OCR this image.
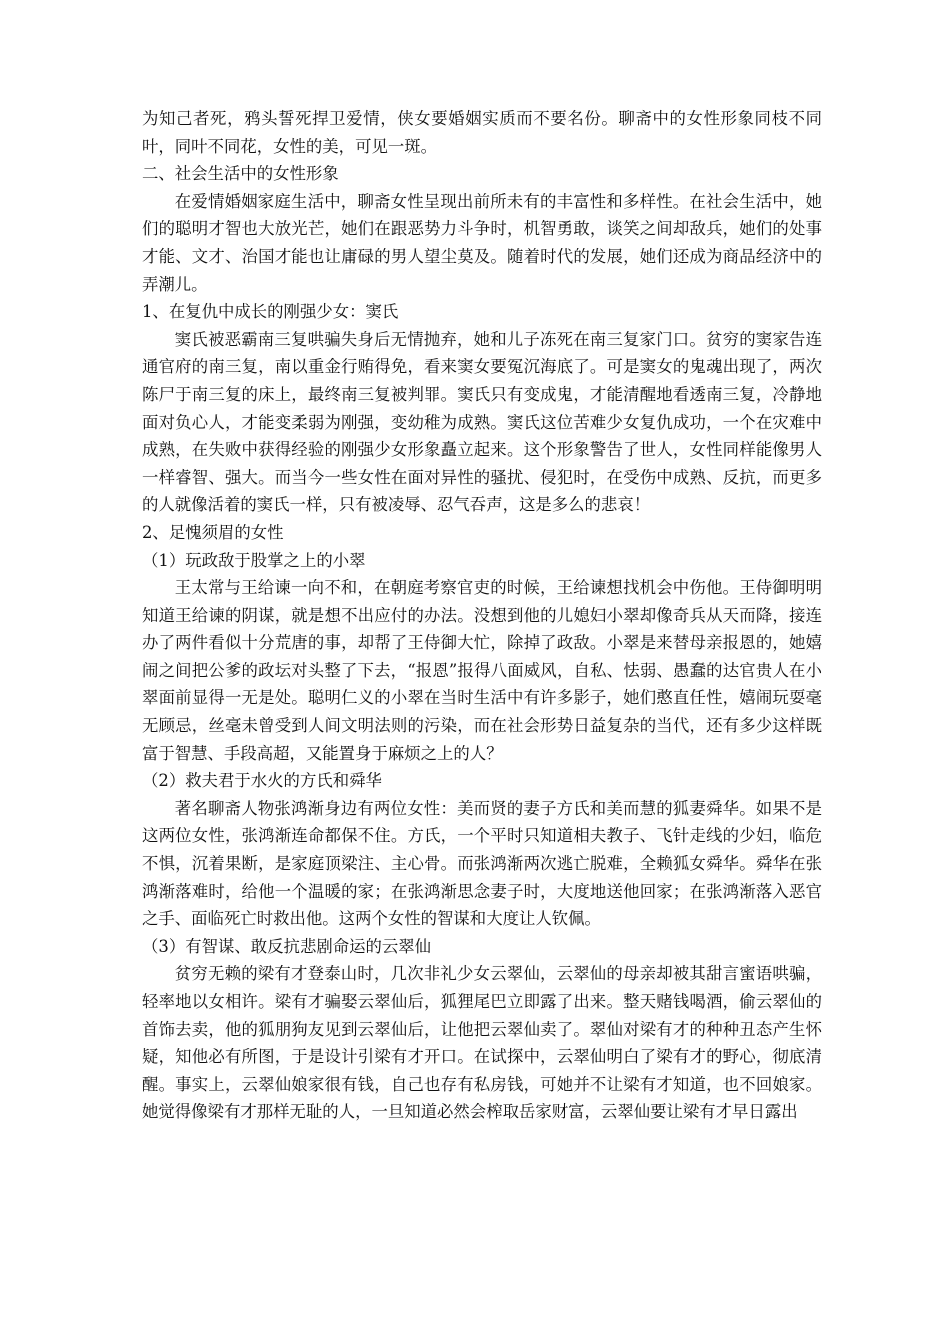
为知己者死，鸦头誓死捍卫爱情，侠女要婚姻实质而不要名份。聊斋中的女性形象同枝不同叶，同叶不同花，女性的美，可见一斑。

二、社会生活中的女性形象

在爱情婚姻家庭生活中，聊斋女性呈现出前所未有的丰富性和多样性。在社会生活中，她们的聪明才智也大放光芒，她们在跟恶势力斗争时，机智勇敢，谈笑之间却敌兵，她们的处事才能、文才、治国才能也让庸碌的男人望尘莫及。随着时代的发展，她们还成为商品经济中的弄潮儿。

1、在复仇中成长的刚强少女：窦氏

窦氏被恶霸南三复哄骗失身后无情抛弃，她和儿子冻死在南三复家门口。贫穷的窦家告连通官府的南三复，南以重金行贿得免，看来窦女要冤沉海底了。可是窦女的鬼魂出现了，两次陈尸于南三复的床上，最终南三复被判罪。窦氏只有变成鬼，才能清醒地看透南三复，冷静地面对负心人，才能变柔弱为刚强，变幼稚为成熟。窦氏这位苦难少女复仇成功，一个在灾难中成熟，在失败中获得经验的刚强少女形象矗立起来。这个形象警告了世人，女性同样能像男人一样睿智、强大。而当今一些女性在面对异性的骚扰、侵犯时，在受伤中成熟、反抗，而更多的人就像活着的窦氏一样，只有被凌辱、忍气吞声，这是多么的悲哀！

2、足愧须眉的女性

（1）玩政敌于股掌之上的小翠

王太常与王给谏一向不和，在朝庭考察官吏的时候，王给谏想找机会中伤他。王侍御明明知道王给谏的阴谋，就是想不出应付的办法。没想到他的儿媳妇小翠却像奇兵从天而降，接连办了两件看似十分荒唐的事，却帮了王侍御大忙，除掉了政敌。小翠是来替母亲报恩的，她嬉闹之间把公爹的政坛对头整了下去，“报恩”报得八面威风，自私、怯弱、愚蠢的达官贵人在小翠面前显得一无是处。聪明仁义的小翠在当时生活中有许多影子，她们憨直任性，嬉闹玩耍毫无顾忌，丝毫未曾受到人间文明法则的污染，而在社会形势日益复杂的当代，还有多少这样既富于智慧、手段高超，又能置身于麻烦之上的人？

（2）救夫君于水火的方氏和舜华

著名聊斋人物张鸿渐身边有两位女性：美而贤的妻子方氏和美而慧的狐妻舜华。如果不是这两位女性，张鸿渐连命都保不住。方氏，一个平时只知道相夫教子、飞针走线的少妇，临危不惧，沉着果断，是家庭顶梁注、主心骨。而张鸿渐两次逃亡脱难，全赖狐女舜华。舜华在张鸿渐落难时，给他一个温暖的家；在张鸿渐思念妻子时，大度地送他回家；在张鸿渐落入恶官之手、面临死亡时救出他。这两个女性的智谋和大度让人钦佩。

（3）有智谋、敢反抗悲剧命运的云翠仙

贫穷无赖的梁有才登泰山时，几次非礼少女云翠仙，云翠仙的母亲却被其甜言蜜语哄骗，轻率地以女相许。梁有才骗娶云翠仙后，狐狸尾巴立即露了出来。整天赌钱喝酒，偷云翠仙的首饰去卖，他的狐朋狗友见到云翠仙后，让他把云翠仙卖了。翠仙对梁有才的种种丑态产生怀疑，知他必有所图，于是设计引梁有才开口。在试探中，云翠仙明白了梁有才的野心，彻底清醒。事实上，云翠仙娘家很有钱，自己也存有私房钱，可她并不让梁有才知道，也不回娘家。她觉得像梁有才那样无耻的人，一旦知道必然会榨取岳家财富，云翠仙要让梁有才早日露出
